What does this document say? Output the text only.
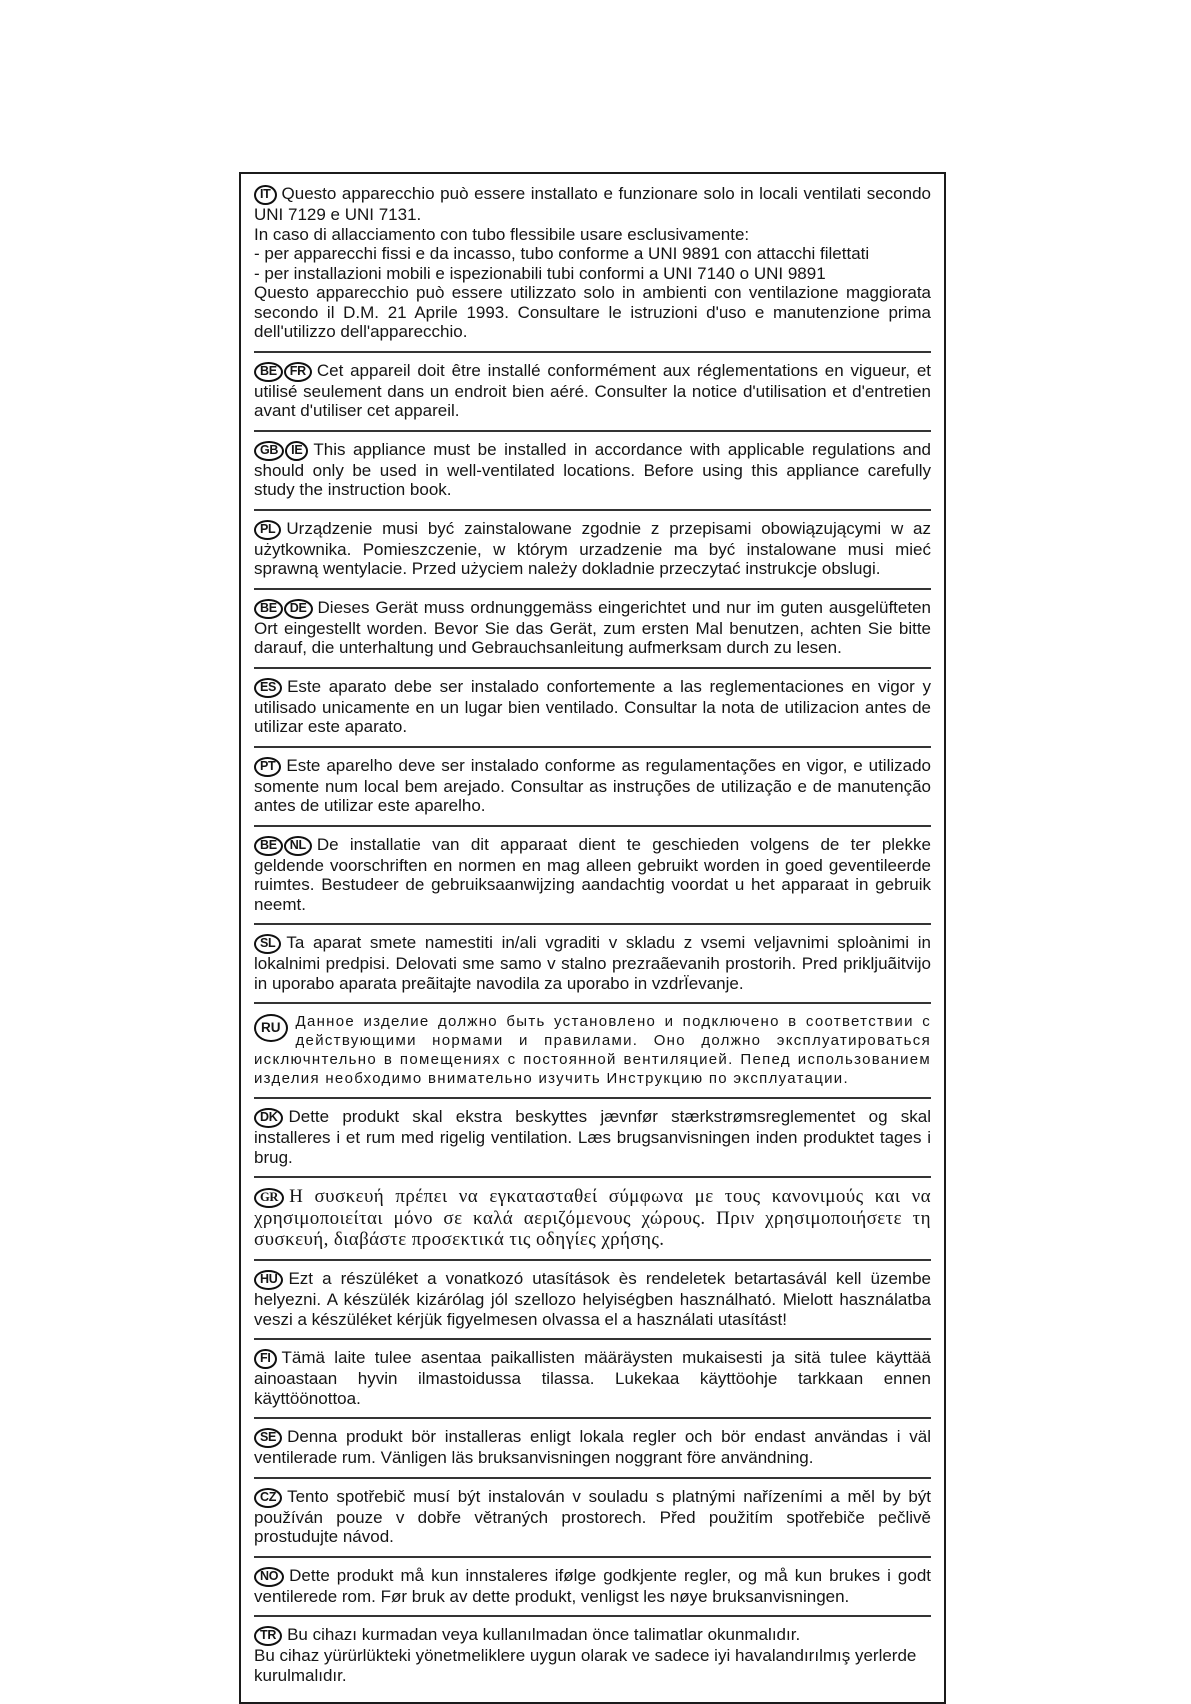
IT Questo apparecchio può essere installato e funzionare solo in locali ventilati secondo UNI 7129 e UNI 7131.

In caso di allacciamento con tubo flessibile usare esclusivamente:

- per apparecchi fissi e da incasso, tubo conforme a UNI 9891 con attacchi filettati

- per installazioni mobili e ispezionabili tubi conformi a UNI 7140 o UNI 9891

Questo apparecchio può essere utilizzato solo in ambienti con ventilazione maggiorata secondo il D.M. 21 Aprile 1993. Consultare le istruzioni d'uso e manutenzione prima dell'utilizzo dell'apparecchio.

BE FR Cet appareil doit être installé conformément aux réglementations en vigueur, et utilisé seulement dans un endroit bien aéré. Consulter la notice d'utilisation et d'entretien avant d'utiliser cet appareil.

GB IE This appliance must be installed in accordance with applicable regulations and should only be used in well-ventilated locations. Before using this appliance carefully study the instruction book.

PL Urządzenie musi być zainstalowane zgodnie z przepisami obowiązującymi w az użytkownika. Pomieszczenie, w którym urzadzenie ma być instalowane musi mieć sprawną wentylacie. Przed użyciem należy dokladnie przeczytać instrukcje obslugi.

BE DE Dieses Gerät muss ordnunggemäss eingerichtet und nur im guten ausgelüfteten Ort eingestellt worden. Bevor Sie das Gerät, zum ersten Mal benutzen, achten Sie bitte darauf, die unterhaltung und Gebrauchsanleitung aufmerksam durch zu lesen.

ES Este aparato debe ser instalado confortemente a las reglementaciones en vigor y utilisado unicamente en un lugar bien ventilado. Consultar la nota de utilizacion antes de utilizar este aparato.

PT Este aparelho deve ser instalado conforme as regulamentações en vigor, e utilizado somente num local bem arejado. Consultar as instruções de utilização e de manutenção antes de utilizar este aparelho.

BE NL De installatie van dit apparaat dient te geschieden volgens de ter plekke geldende voorschriften en normen en mag alleen gebruikt worden in goed geventileerde ruimtes. Bestudeer de gebruiksaanwijzing aandachtig voordat u het apparaat in gebruik neemt.

SL Ta aparat smete namestiti in/ali vgraditi v skladu z vsemi veljavnimi sploànimi in lokalnimi predpisi. Delovati sme samo v stalno prezraãevanih prostorih. Pred prikljuãitvijo in uporabo aparata preãitajte navodila za uporabo in vzdrÏevanje.

RU	Данное изделие должно быть установлено и подключено в соответствии с действующими нормами и правилами. Оно должно эксплуатироваться исключнтельно в помещениях с постоянной вентиляцией. Пепед использованием изделия необходимо внимательно изучить Инструкцию по эксплуатации.

DK Dette produkt skal ekstra beskyttes jævnfør stærkstrømsreglementet og skal installeres i et rum med rigelig ventilation. Læs brugsanvisningen inden produktet tages i brug.

GR Η συσκευή πρέπει να εγκατασταθεί σύμφωνα με τους κανονιμούς και να χρησιμοποιείται μόνο σε καλά αεριζόμενους χώρους. Πριν χρησιμοποιήσετε τη συσκευή, διαβάστε προσεκτικά τις οδηγίες χρήσης.

HU Ezt a részüléket a vonatkozó utasítások ès rendeletek betartasávál kell üzembe helyezni. A készülék kizárólag jól szellozo helyiségben használható. Mielott használatba veszi a készüléket kérjük figyelmesen olvassa el a használati utasítást!

FI Tämä laite tulee asentaa paikallisten määräysten mukaisesti ja sitä tulee käyttää ainoastaan hyvin ilmastoidussa tilassa. Lukekaa käyttöohje tarkkaan ennen käyttöönottoa.

SE Denna produkt bör installeras enligt lokala regler och bör endast användas i väl ventilerade rum. Vänligen läs bruksanvisningen noggrant före användning.

CZ Tento spotřebič musí být instalován v souladu s platnými nařízeními a měl by být používán pouze v dobře větraných prostorech. Před použitím spotřebiče pečlivě prostudujte návod.

NO Dette produkt må kun innstaleres ifølge godkjente regler, og må kun brukes i godt ventilerede rom. Før bruk av dette produkt, venligst les nøye bruksanvisningen.

TR Bu cihazı kurmadan veya kullanılmadan önce talimatlar okunmalıdır.

Bu cihaz yürürlükteki yönetmeliklere uygun olarak ve sadece iyi havalandırılmış yerlerde kurulmalıdır.
